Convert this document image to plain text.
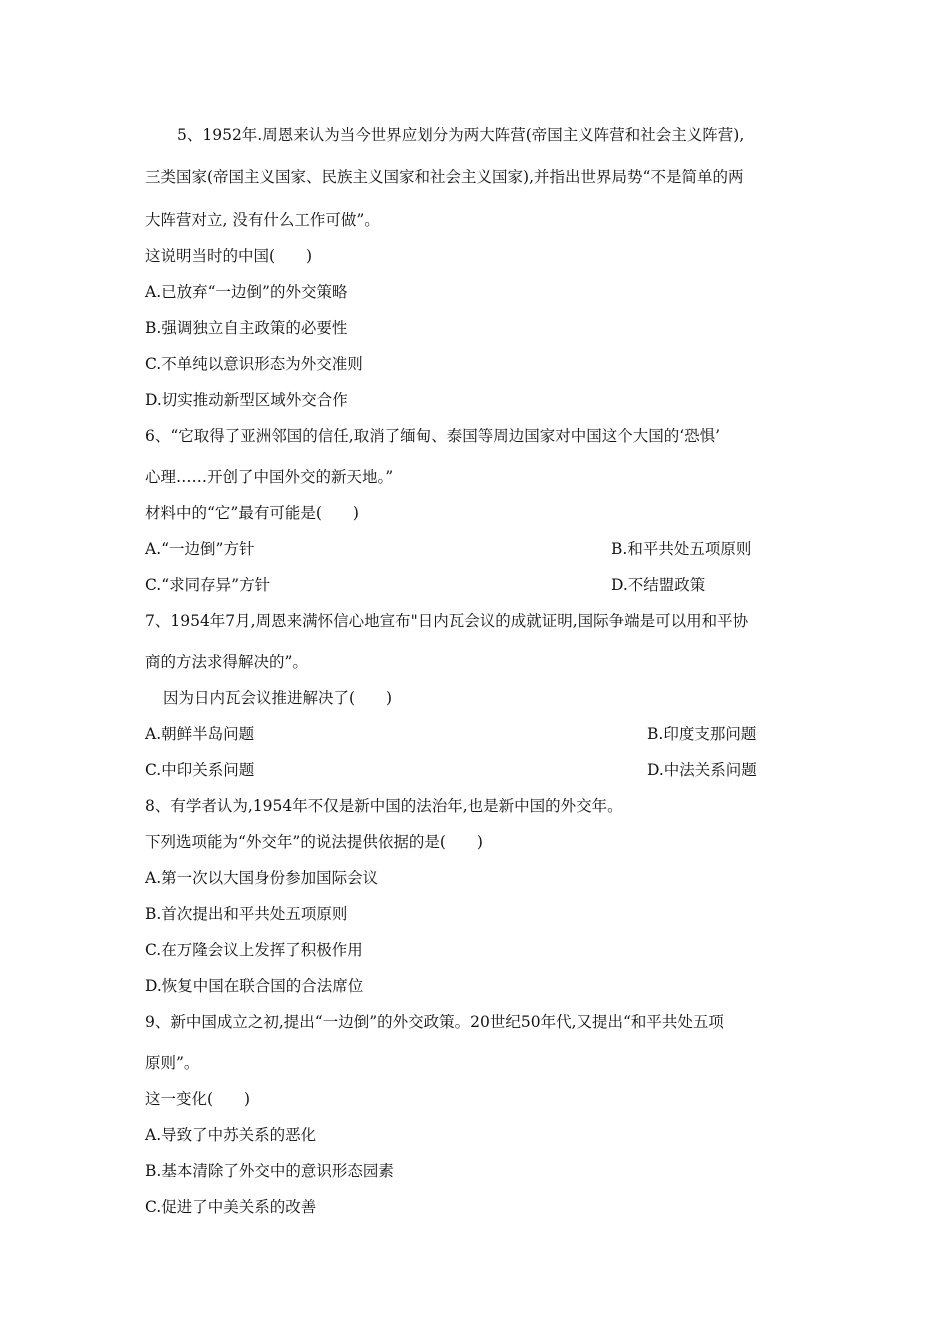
5、1952年.周恩来认为当今世界应划分为两大阵营(帝国主义阵营和社会主义阵营),
三类国家(帝国主义国家、民族主义国家和社会主义国家),并指出世界局势“不是简单的两
大阵营对立, 没有什么工作可做”。
这说明当时的中国(　　)
A.已放弃“一边倒”的外交策略
B.强调独立自主政策的必要性
C.不单纯以意识形态为外交准则
D.切实推动新型区域外交合作
6、“它取得了亚洲邻国的信任,取消了缅甸、泰国等周边国家对中国这个大国的‘恐惧’
心理……开创了中国外交的新天地。”
材料中的“它”最有可能是(　　)
A.“一边倒”方针	B.和平共处五项原则
C.“求同存异”方针	D.不结盟政策
7、1954年7月,周恩来满怀信心地宣布"日内瓦会议的成就证明,国际争端是可以用和平协
商的方法求得解决的”。
因为日内瓦会议推进解决了(　　)
A.朝鲜半岛问题	B.印度支那问题
C.中印关系问题	D.中法关系问题
8、有学者认为,1954年不仅是新中国的法治年,也是新中国的外交年。
下列选项能为“外交年”的说法提供依据的是(　　)
A.第一次以大国身份参加国际会议
B.首次提出和平共处五项原则
C.在万隆会议上发挥了积极作用
D.恢复中国在联合国的合法席位
9、新中国成立之初,提出“一边倒”的外交政策。20世纪50年代,又提出“和平共处五项
原则”。
这一变化(　　)
A.导致了中苏关系的恶化
B.基本清除了外交中的意识形态园素
C.促进了中美关系的改善
